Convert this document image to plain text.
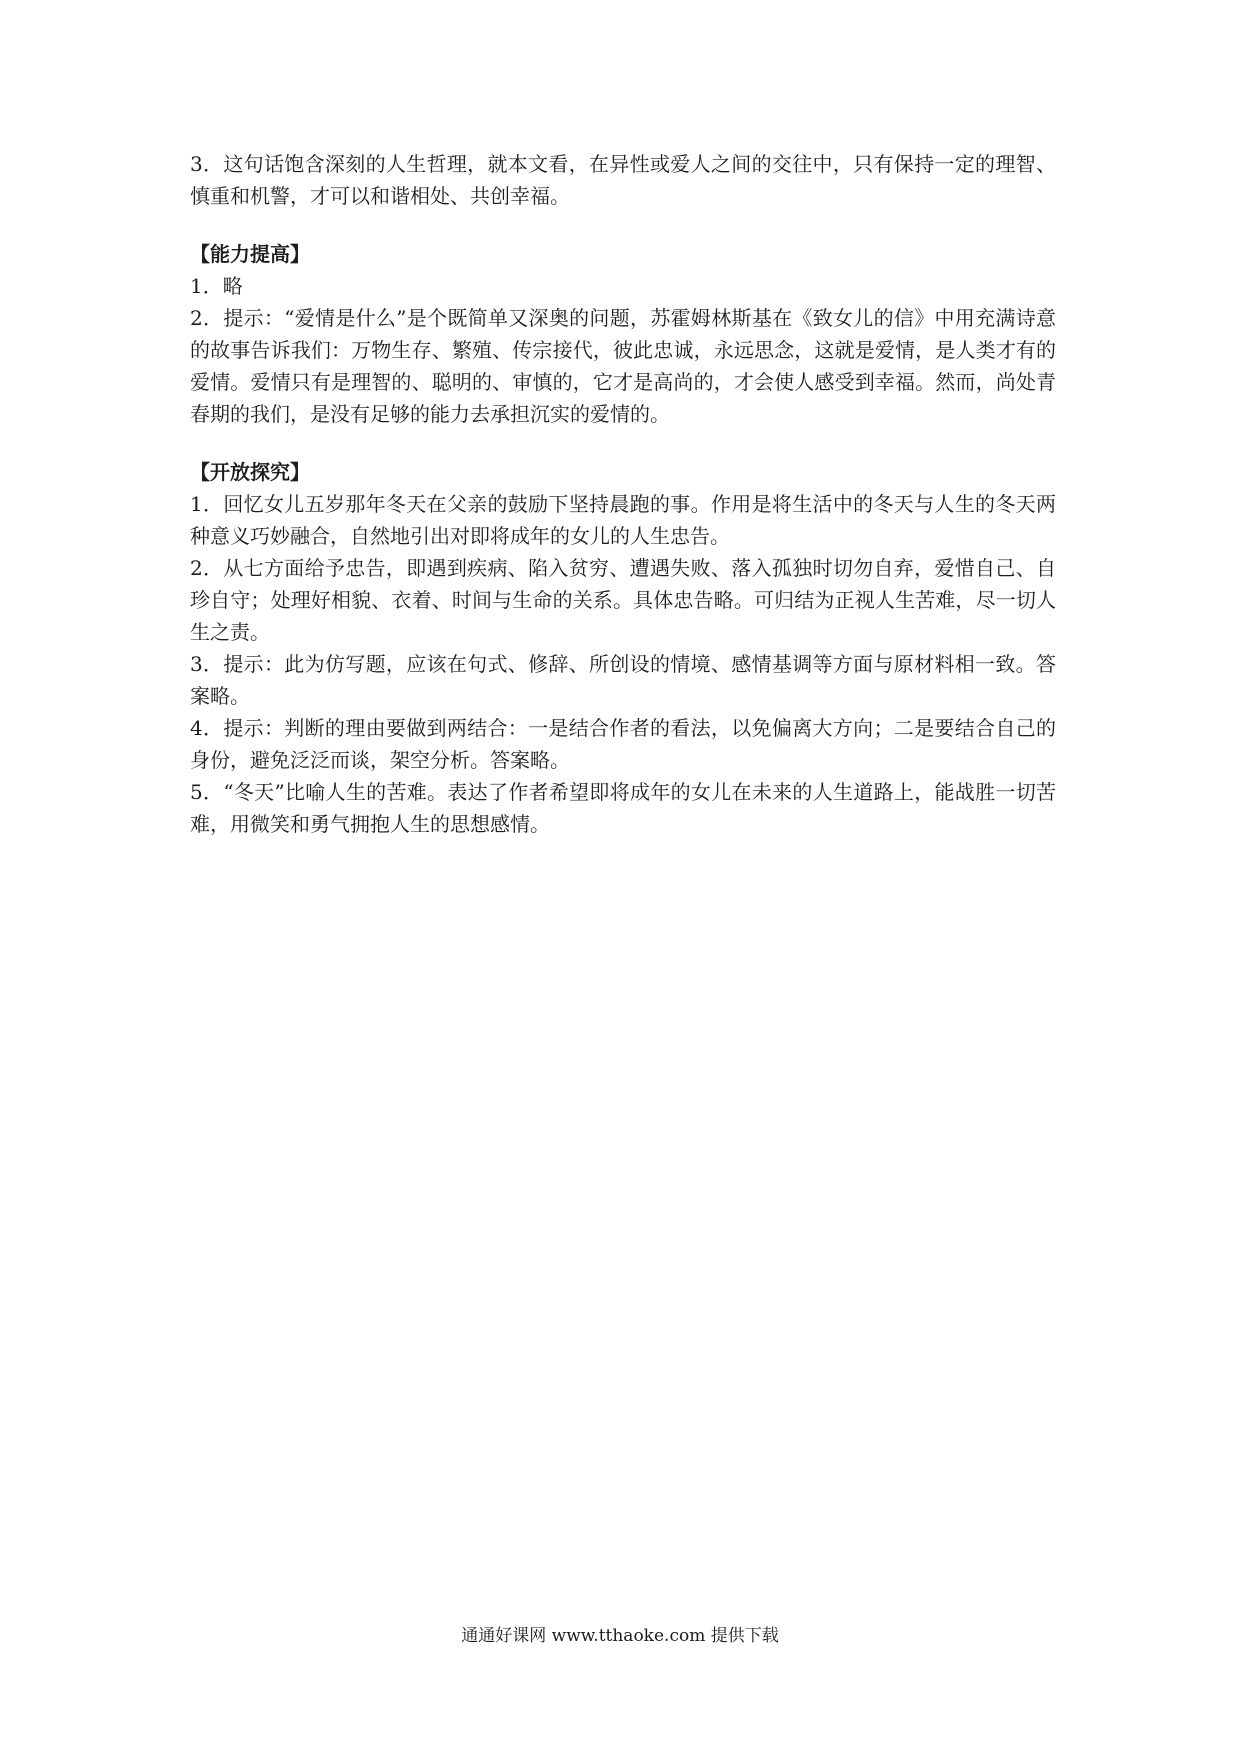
3．这句话饱含深刻的人生哲理，就本文看，在异性或爱人之间的交往中，只有保持一定的理智、慎重和机警，才可以和谐相处、共创幸福。

【能力提高】

1．略

2．提示：“爱情是什么”是个既简单又深奥的问题，苏霍姆林斯基在《致女儿的信》中用充满诗意的故事告诉我们：万物生存、繁殖、传宗接代，彼此忠诚，永远思念，这就是爱情，是人类才有的爱情。爱情只有是理智的、聪明的、审慎的，它才是高尚的，才会使人感受到幸福。然而，尚处青春期的我们，是没有足够的能力去承担沉实的爱情的。

【开放探究】

1．回忆女儿五岁那年冬天在父亲的鼓励下坚持晨跑的事。作用是将生活中的冬天与人生的冬天两种意义巧妙融合，自然地引出对即将成年的女儿的人生忠告。

2．从七方面给予忠告，即遇到疾病、陷入贫穷、遭遇失败、落入孤独时切勿自弃，爱惜自己、自珍自守；处理好相貌、衣着、时间与生命的关系。具体忠告略。可归结为正视人生苦难，尽一切人生之责。

3．提示：此为仿写题，应该在句式、修辞、所创设的情境、感情基调等方面与原材料相一致。答案略。

4．提示：判断的理由要做到两结合：一是结合作者的看法，以免偏离大方向；二是要结合自己的身份，避免泛泛而谈，架空分析。答案略。

5．“冬天”比喻人生的苦难。表达了作者希望即将成年的女儿在未来的人生道路上，能战胜一切苦难，用微笑和勇气拥抱人生的思想感情。

通通好课网 www.tthaoke.com 提供下载
